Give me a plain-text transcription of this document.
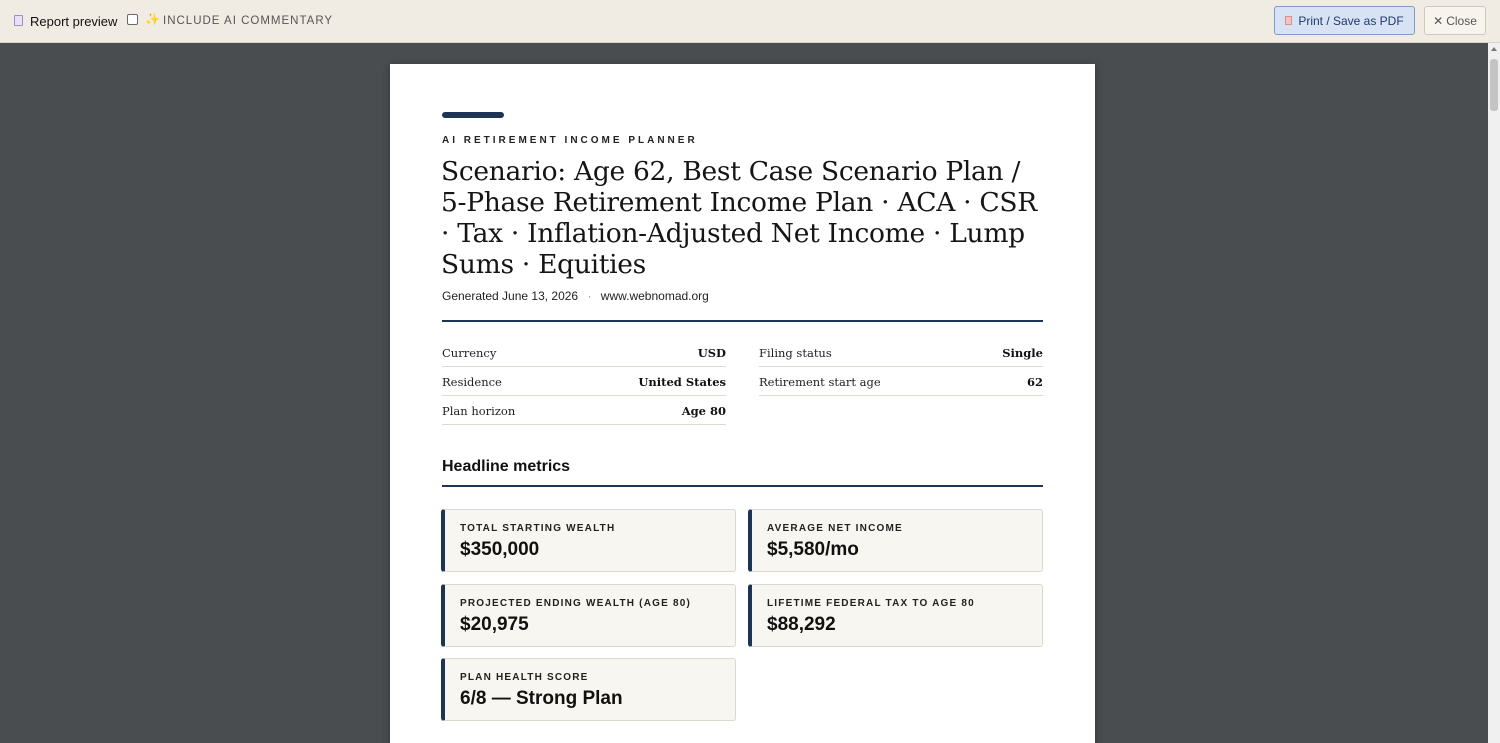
Report preview ✨ INCLUDE AI COMMENTARY	Print / Save as PDF ✕ Close
AI RETIREMENT INCOME PLANNER
Scenario: Age 62, Best Case Scenario Plan / 5-Phase Retirement Income Plan · ACA · CSR · Tax · Inflation-Adjusted Net Income · Lump Sums · Equities
Generated June 13, 2026 · www.webnomad.org
Currency	USD
Residence	United States
Plan horizon	Age 80
Filing status	Single
Retirement start age	62
Headline metrics
TOTAL STARTING WEALTH
$350,000
AVERAGE NET INCOME
$5,580/mo
PROJECTED ENDING WEALTH (AGE 80)
$20,975
LIFETIME FEDERAL TAX TO AGE 80
$88,292
PLAN HEALTH SCORE
6/8 — Strong Plan
